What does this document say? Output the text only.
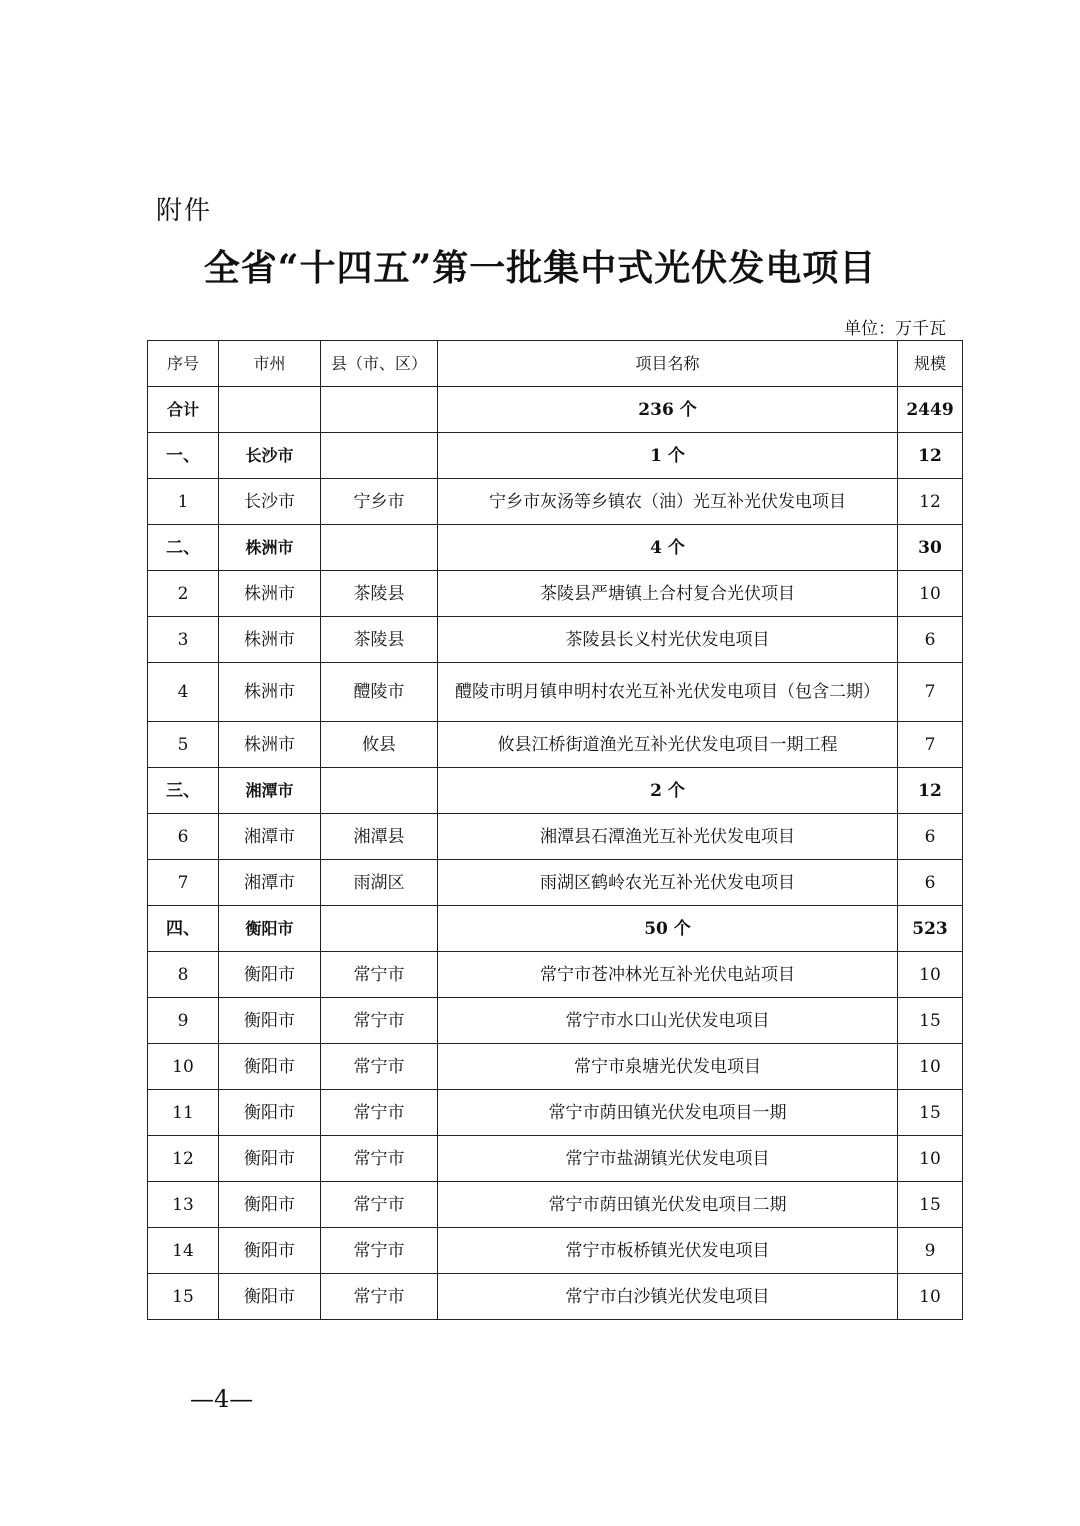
附件
全省“十四五”第一批集中式光伏发电项目
单位：万千瓦
序号	市州	县（市、区）	项目名称	规模
合计			236 个	2449
一、	长沙市		1 个	12
1	长沙市	宁乡市	宁乡市灰汤等乡镇农（油）光互补光伏发电项目	12
二、	株洲市		4 个	30
2	株洲市	茶陵县	茶陵县严塘镇上合村复合光伏项目	10
3	株洲市	茶陵县	茶陵县长义村光伏发电项目	6
4	株洲市	醴陵市	醴陵市明月镇申明村农光互补光伏发电项目（包含二期）	7
5	株洲市	攸县	攸县江桥街道渔光互补光伏发电项目一期工程	7
三、	湘潭市		2 个	12
6	湘潭市	湘潭县	湘潭县石潭渔光互补光伏发电项目	6
7	湘潭市	雨湖区	雨湖区鹤岭农光互补光伏发电项目	6
四、	衡阳市		50 个	523
8	衡阳市	常宁市	常宁市苍冲林光互补光伏电站项目	10
9	衡阳市	常宁市	常宁市水口山光伏发电项目	15
10	衡阳市	常宁市	常宁市泉塘光伏发电项目	10
11	衡阳市	常宁市	常宁市荫田镇光伏发电项目一期	15
12	衡阳市	常宁市	常宁市盐湖镇光伏发电项目	10
13	衡阳市	常宁市	常宁市荫田镇光伏发电项目二期	15
14	衡阳市	常宁市	常宁市板桥镇光伏发电项目	9
15	衡阳市	常宁市	常宁市白沙镇光伏发电项目	10
—4—
